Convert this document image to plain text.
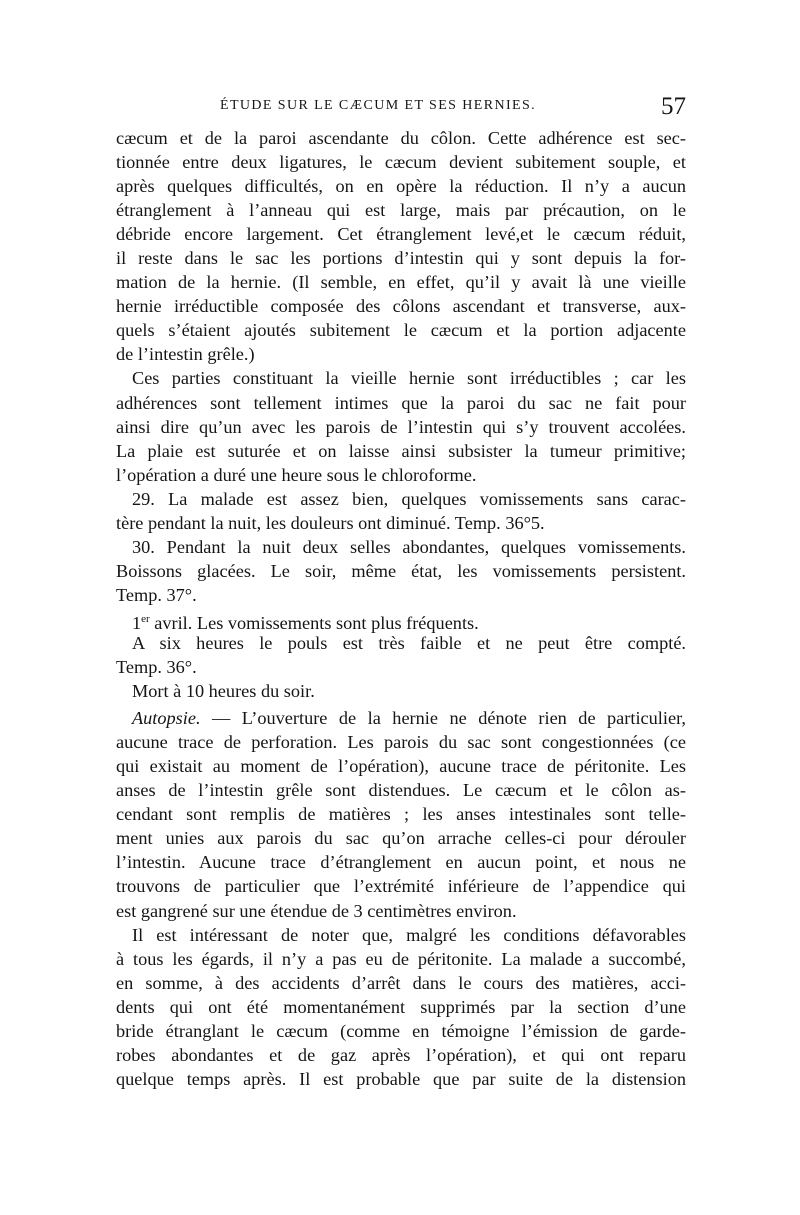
ÉTUDE SUR LE CÆCUM ET SES HERNIES.	57
cæcum et de la paroi ascendante du côlon. Cette adhérence est sec-
tionnée entre deux ligatures, le cæcum devient subitement souple, et
après quelques difficultés, on en opère la réduction. Il n’y a aucun
étranglement à l’anneau qui est large, mais par précaution, on le
débride encore largement. Cet étranglement levé,et le cæcum réduit,
il reste dans le sac les portions d’intestin qui y sont depuis la for-
mation de la hernie. (Il semble, en effet, qu’il y avait là une vieille
hernie irréductible composée des côlons ascendant et transverse, aux-
quels s’étaient ajoutés subitement le cæcum et la portion adjacente
de l’intestin grêle.)
Ces parties constituant la vieille hernie sont irréductibles ; car les
adhérences sont tellement intimes que la paroi du sac ne fait pour
ainsi dire qu’un avec les parois de l’intestin qui s’y trouvent accolées.
La plaie est suturée et on laisse ainsi subsister la tumeur primitive;
l’opération a duré une heure sous le chloroforme.
29. La malade est assez bien, quelques vomissements sans carac-
tère pendant la nuit, les douleurs ont diminué. Temp. 36°5.
30. Pendant la nuit deux selles abondantes, quelques vomissements.
Boissons glacées. Le soir, même état, les vomissements persistent.
Temp. 37°.
1er avril. Les vomissements sont plus fréquents.
A six heures le pouls est très faible et ne peut être compté.
Temp. 36°.
Mort à 10 heures du soir.
Autopsie. — L’ouverture de la hernie ne dénote rien de particulier,
aucune trace de perforation. Les parois du sac sont congestionnées (ce
qui existait au moment de l’opération), aucune trace de péritonite. Les
anses de l’intestin grêle sont distendues. Le cæcum et le côlon as-
cendant sont remplis de matières ; les anses intestinales sont telle-
ment unies aux parois du sac qu’on arrache celles-ci pour dérouler
l’intestin. Aucune trace d’étranglement en aucun point, et nous ne
trouvons de particulier que l’extrémité inférieure de l’appendice qui
est gangrené sur une étendue de 3 centimètres environ.
Il est intéressant de noter que, malgré les conditions défavorables
à tous les égards, il n’y a pas eu de péritonite. La malade a succombé,
en somme, à des accidents d’arrêt dans le cours des matières, acci-
dents qui ont été momentanément supprimés par la section d’une
bride étranglant le cæcum (comme en témoigne l’émission de garde-
robes abondantes et de gaz après l’opération), et qui ont reparu
quelque temps après. Il est probable que par suite de la distension
